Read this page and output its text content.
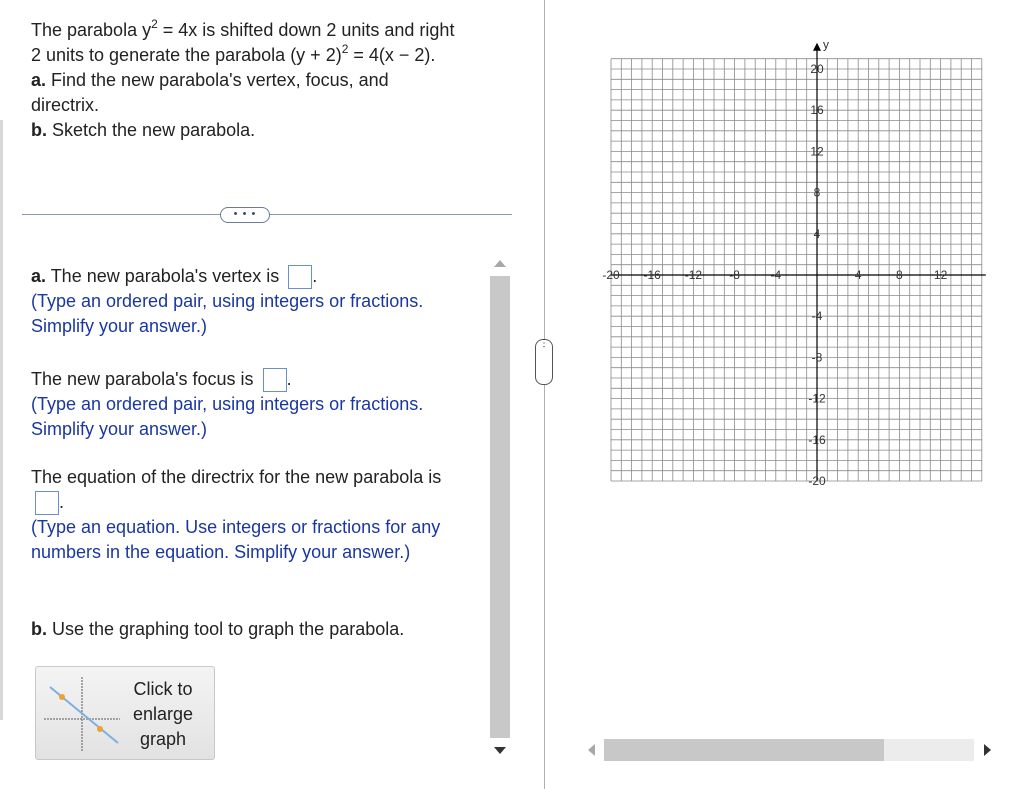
The parabola $y^2 = 4x$ is shifted down 2 units and right
2 units to generate the parabola $(y + 2)^2 = 4(x - 2)$.
a. Find the new parabola's vertex, focus, and directrix.
b. Sketch the new parabola.
• • •
a. The new parabola's vertex is .
(Type an ordered pair, using integers or fractions. Simplify your answer.)
The new parabola's focus is .
(Type an ordered pair, using integers or fractions. Simplify your answer.)
The equation of the directrix for the new parabola is .
(Type an equation. Use integers or fractions for any numbers in the equation. Simplify your answer.)
b. Use the graphing tool to graph the parabola.
Click to
enlarge
graph
⋮
y
-20 -16 -12 -8	-4	4	8	12
20
16
12
8
4
-4
-8
-12
-16
-20
